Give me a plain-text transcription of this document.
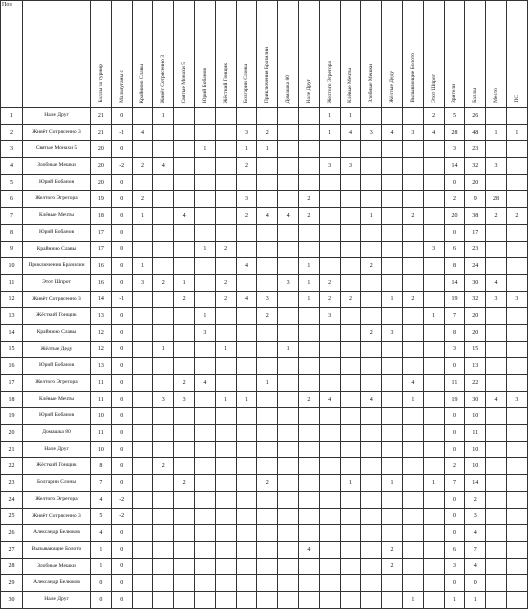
Поз		Баллы за турнир	Мальчуганы с	Крайнюю Славы	Живёт Сотрясенно 3	Святые Монахи 5	Юрий Бобанов	Жёсткий Гонщик	Болгарии Слоны	Приключения Бразилии	Домашка 80	Нале Друг	Желтого Эгрегора	Клёвые Мечты	Злобные Мешки	Жёлтые Деду	Вызывающие Болото	Этот Шпрот	Зрители	Баллы	Место	ПС	
1	Нале Друг	21	0		1								1	1				2	5	26			
2	Живёт Сотрясенно 3	21	-1	4					3	2			1	4	3	4	3	4	28	48	1	1	
3	Святые Монахи 5	20	0				1		1	1									3	23			
4	Злобные Мешки	20	-2	2	4				2				3	3					14	32	3		
5	Юрий Бобанов	20	0																0	20			
6	Желтого Эгрегора	19	0	2					3			2							2	9	28		
7	Клёвые Мечты	18	0	1		4			2	4	4	2			1		2		20	38	2	2	
8	Юрий Бобанов	17	0																0	17			
9	Крайнюю Славы	17	0				1	2										3	6	23			
10	Приключения Бразилии	16	0	1					4			1			2				8	24			
11	Этот Шпрот	16	0	3	2	1		2			3	1	2						14	30	4		
12	Живёт Сотрясенно 3	14	-1			2		2	4	3		1	2	2		1	2		19	32	3	3	
13	Жёсткий Гонщик	13	0				1			2			3					1	7	20			
14	Крайнюю Славы	12	0				3								2	3			8	20			
15	Жёлтые Деду	12	0		1			1			1								3	15			
16	Юрий Бобанов	13	0																0	13			
17	Желтого Эгрегора	11	0			2	4			1							4		11	22			
18	Клёвые Мечты	11	0		3	3		1	1			2	4		4		1		19	30	4	3	
19	Юрий Бобанов	10	0																0	10			
20	Домашка 80	11	0																0	11			
21	Нале Друг	10	0																0	10			
22	Жёсткий Гонщик	8	0		2														2	10			
23	Болгарии Слоны	7	0			2				2				1		1		1	7	14			
24	Желтого Эгрегора	4	-2																0	2			
25	Живёт Сотрясенно 3	5	-2																0	3			
26	Александр Белюков	4	0																0	4			
27	Вызывающие Болото	1	0									4				2			6	7			
28	Злобные Мешки	1	0													2			3	4			
29	Александр Белюков	0	0																0	0			
30	Нале Друг	0	0														1		1	1			
